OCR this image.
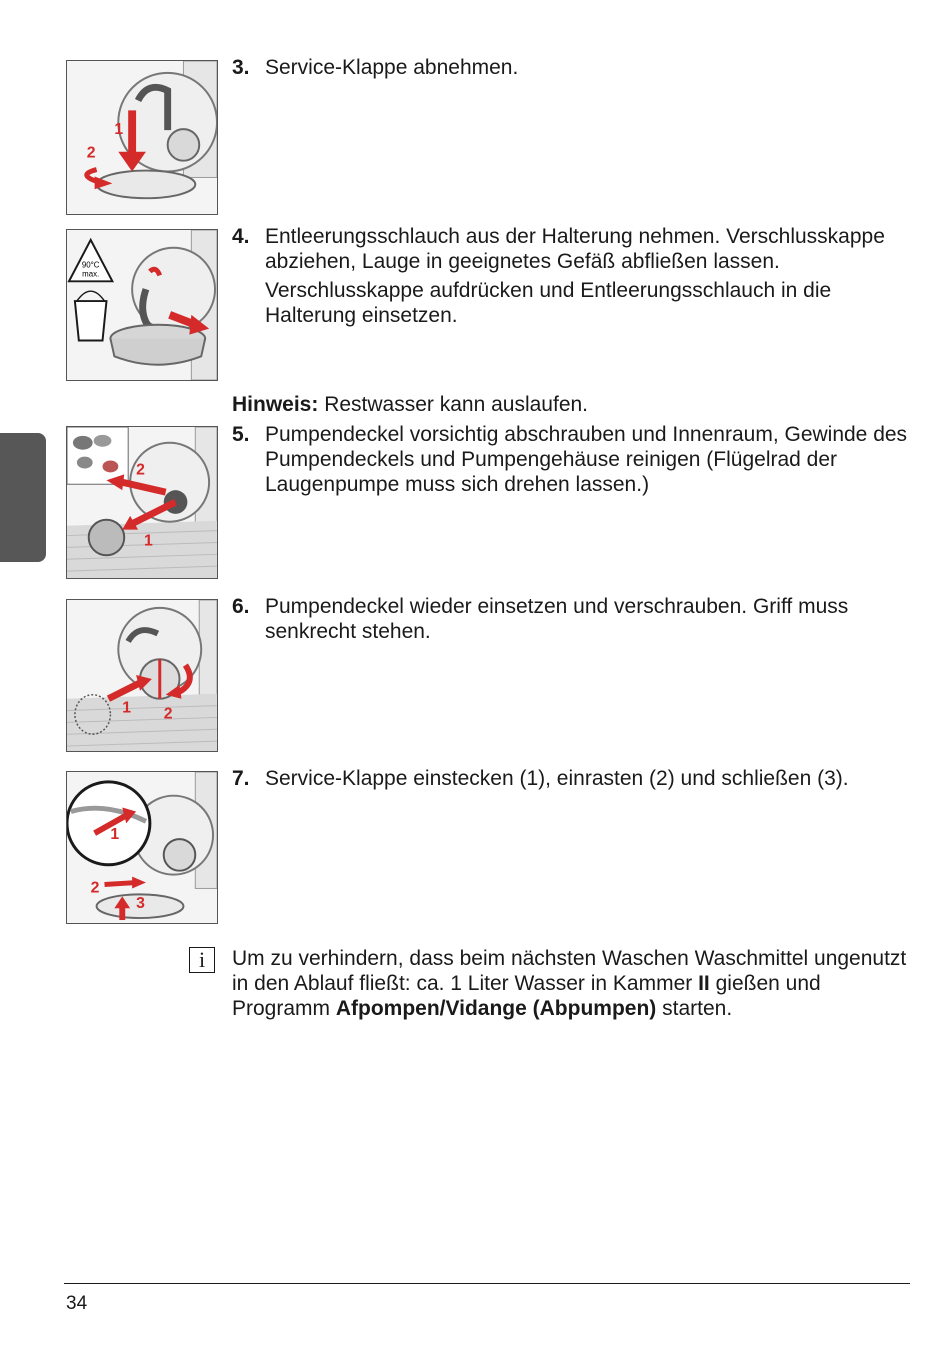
1
2
90°C
max.
2
1
1 2
1
2
3
3. Service-Klappe abnehmen.

4. Entleerungsschlauch aus der Halterung nehmen. Verschlusskappe abziehen, Lauge in geeignetes Gefäß abfließen lassen.

Verschlusskappe aufdrücken und Entleerungsschlauch in die Halterung einsetzen.

Hinweis: Restwasser kann auslaufen.
5. Pumpendeckel vorsichtig abschrauben und Innenraum, Gewinde des Pumpendeckels und Pumpengehäuse reinigen (Flügelrad der Laugenpumpe muss sich drehen lassen.)

6. Pumpendeckel wieder einsetzen und verschrauben. Griff muss senkrecht stehen.

7. Service-Klappe einstecken (1), einrasten (2) und schließen (3).

i	Um zu verhindern, dass beim nächsten Waschen Waschmittel ungenutzt in den Ablauf fließt: ca. 1 Liter Wasser in Kammer II gießen und Programm Afpompen/Vidange (Abpumpen) starten.
34
